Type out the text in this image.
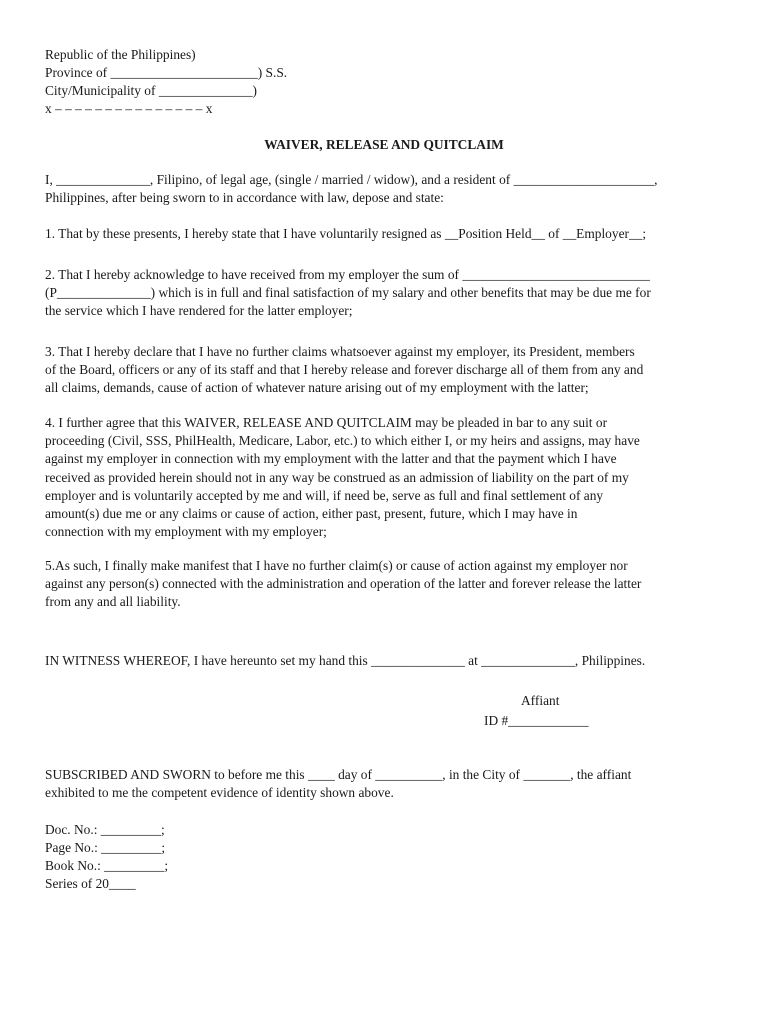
Republic of the Philippines)
Province of ______________________) S.S.
City/Municipality of ______________)
x – – – – – – – – – – – – – – – x
WAIVER, RELEASE AND QUITCLAIM

I, ______________, Filipino, of legal age, (single / married / widow), and a resident of _____________________,

Philippines, after being sworn to in accordance with law, depose and state:

1. That by these presents, I hereby state that I have voluntarily resigned as __Position Held__ of __Employer__;

2. That I hereby acknowledge to have received from my employer the sum of ____________________________

(P______________) which is in full and final satisfaction of my salary and other benefits that may be due me for

the service which I have rendered for the latter employer;

3. That I hereby declare that I have no further claims whatsoever against my employer, its President, members

of the Board, officers or any of its staff and that I hereby release and forever discharge all of them from any and

all claims, demands, cause of action of whatever nature arising out of my employment with the latter;

4. I further agree that this WAIVER, RELEASE AND QUITCLAIM may be pleaded in bar to any suit or

proceeding (Civil, SSS, PhilHealth, Medicare, Labor, etc.) to which either I, or my heirs and assigns, may have

against my employer in connection with my employment with the latter and that the payment which I have

received as provided herein should not in any way be construed as an admission of liability on the part of my

employer and is voluntarily accepted by me and will, if need be, serve as full and final settlement of any

amount(s) due me or any claims or cause of action, either past, present, future, which I may have in

connection with my employment with my employer;

5.As such, I finally make manifest that I have no further claim(s) or cause of action against my employer nor

against any person(s) connected with the administration and operation of the latter and forever release the latter

from any and all liability.

IN WITNESS WHEREOF, I have hereunto set my hand this ______________ at ______________, Philippines.
Affiant
ID #____________

SUBSCRIBED AND SWORN to before me this ____ day of __________, in the City of _______, the affiant

exhibited to me the competent evidence of identity shown above.

Doc. No.: _________;
Page No.: _________;
Book No.: _________;
Series of 20____
